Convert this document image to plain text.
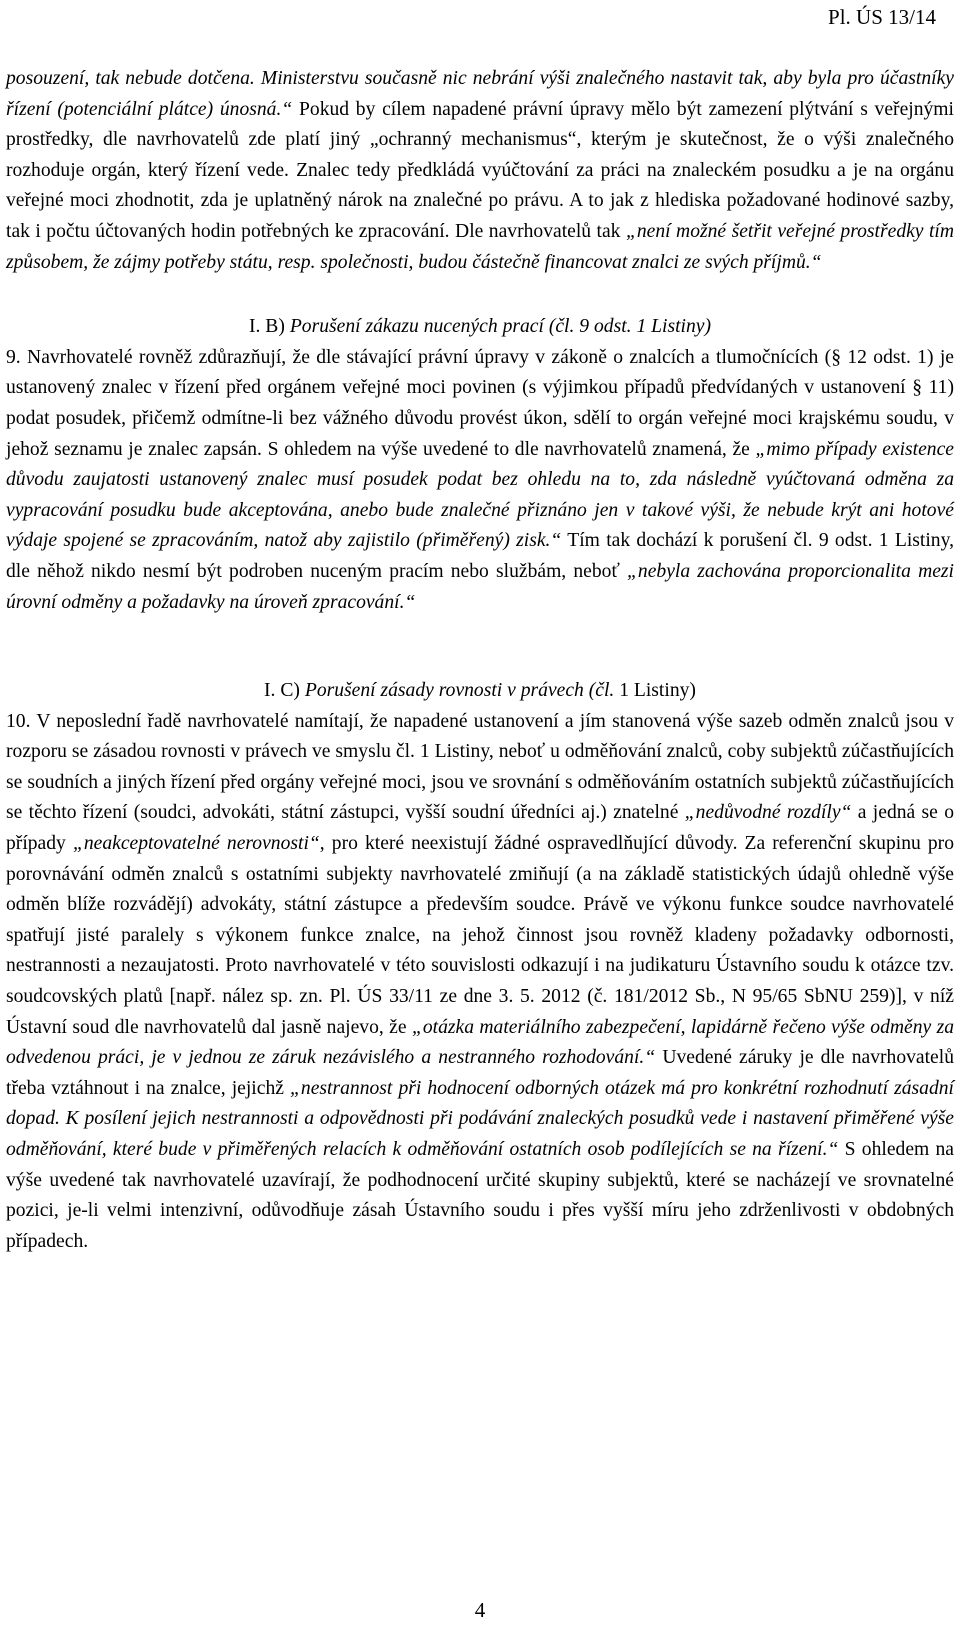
Pl. ÚS 13/14

posouzení, tak nebude dotčena. Ministerstvu současně nic nebrání výši znalečného nastavit tak, aby byla pro účastníky řízení (potenciální plátce) únosná.“ Pokud by cílem napadené právní úpravy mělo být zamezení plýtvání s veřejnými prostředky, dle navrhovatelů zde platí jiný „ochranný mechanismus“, kterým je skutečnost, že o výši znalečného rozhoduje orgán, který řízení vede. Znalec tedy předkládá vyúčtování za práci na znaleckém posudku a je na orgánu veřejné moci zhodnotit, zda je uplatněný nárok na znalečné po právu. A to jak z hlediska požadované hodinové sazby, tak i počtu účtovaných hodin potřebných ke zpracování. Dle navrhovatelů tak „není možné šetřit veřejné prostředky tím způsobem, že zájmy potřeby státu, resp. společnosti, budou částečně financovat znalci ze svých příjmů.“

I. B) Porušení zákazu nucených prací (čl. 9 odst. 1 Listiny)

9. Navrhovatelé rovněž zdůrazňují, že dle stávající právní úpravy v zákoně o znalcích a tlumočnících (§ 12 odst. 1) je ustanovený znalec v řízení před orgánem veřejné moci povinen (s výjimkou případů předvídaných v ustanovení § 11) podat posudek, přičemž odmítne-li bez vážného důvodu provést úkon, sdělí to orgán veřejné moci krajskému soudu, v jehož seznamu je znalec zapsán. S ohledem na výše uvedené to dle navrhovatelů znamená, že „mimo případy existence důvodu zaujatosti ustanovený znalec musí posudek podat bez ohledu na to, zda následně vyúčtovaná odměna za vypracování posudku bude akceptována, anebo bude znalečné přiznáno jen v takové výši, že nebude krýt ani hotové výdaje spojené se zpracováním, natož aby zajistilo (přiměřený) zisk.“ Tím tak dochází k porušení čl. 9 odst. 1 Listiny, dle něhož nikdo nesmí být podroben nuceným pracím nebo službám, neboť „nebyla zachována proporcionalita mezi úrovní odměny a požadavky na úroveň zpracování.“

I. C) Porušení zásady rovnosti v právech (čl. 1 Listiny)

10. V neposlední řadě navrhovatelé namítají, že napadené ustanovení a jím stanovená výše sazeb odměn znalců jsou v rozporu se zásadou rovnosti v právech ve smyslu čl. 1 Listiny, neboť u odměňování znalců, coby subjektů zúčastňujících se soudních a jiných řízení před orgány veřejné moci, jsou ve srovnání s odměňováním ostatních subjektů zúčastňujících se těchto řízení (soudci, advokáti, státní zástupci, vyšší soudní úředníci aj.) znatelné „nedůvodné rozdíly“ a jedná se o případy „neakceptovatelné nerovnosti“, pro které neexistují žádné ospravedlňující důvody. Za referenční skupinu pro porovnávání odměn znalců s ostatními subjekty navrhovatelé zmiňují (a na základě statistických údajů ohledně výše odměn blíže rozvádějí) advokáty, státní zástupce a především soudce. Právě ve výkonu funkce soudce navrhovatelé spatřují jisté paralely s výkonem funkce znalce, na jehož činnost jsou rovněž kladeny požadavky odbornosti, nestrannosti a nezaujatosti. Proto navrhovatelé v této souvislosti odkazují i na judikaturu Ústavního soudu k otázce tzv. soudcovských platů [např. nález sp. zn. Pl. ÚS 33/11 ze dne 3. 5. 2012 (č. 181/2012 Sb., N 95/65 SbNU 259)], v níž Ústavní soud dle navrhovatelů dal jasně najevo, že „otázka materiálního zabezpečení, lapidárně řečeno výše odměny za odvedenou práci, je v jednou ze záruk nezávislého a nestranného rozhodování.“ Uvedené záruky je dle navrhovatelů třeba vztáhnout i na znalce, jejichž „nestrannost při hodnocení odborných otázek má pro konkrétní rozhodnutí zásadní dopad. K posílení jejich nestrannosti a odpovědnosti při podávání znaleckých posudků vede i nastavení přiměřené výše odměňování, které bude v přiměřených relacích k odměňování ostatních osob podílejících se na řízení.“ S ohledem na výše uvedené tak navrhovatelé uzavírají, že podhodnocení určité skupiny subjektů, které se nacházejí ve srovnatelné pozici, je-li velmi intenzivní, odůvodňuje zásah Ústavního soudu i přes vyšší míru jeho zdrženlivosti v obdobných případech.

4
